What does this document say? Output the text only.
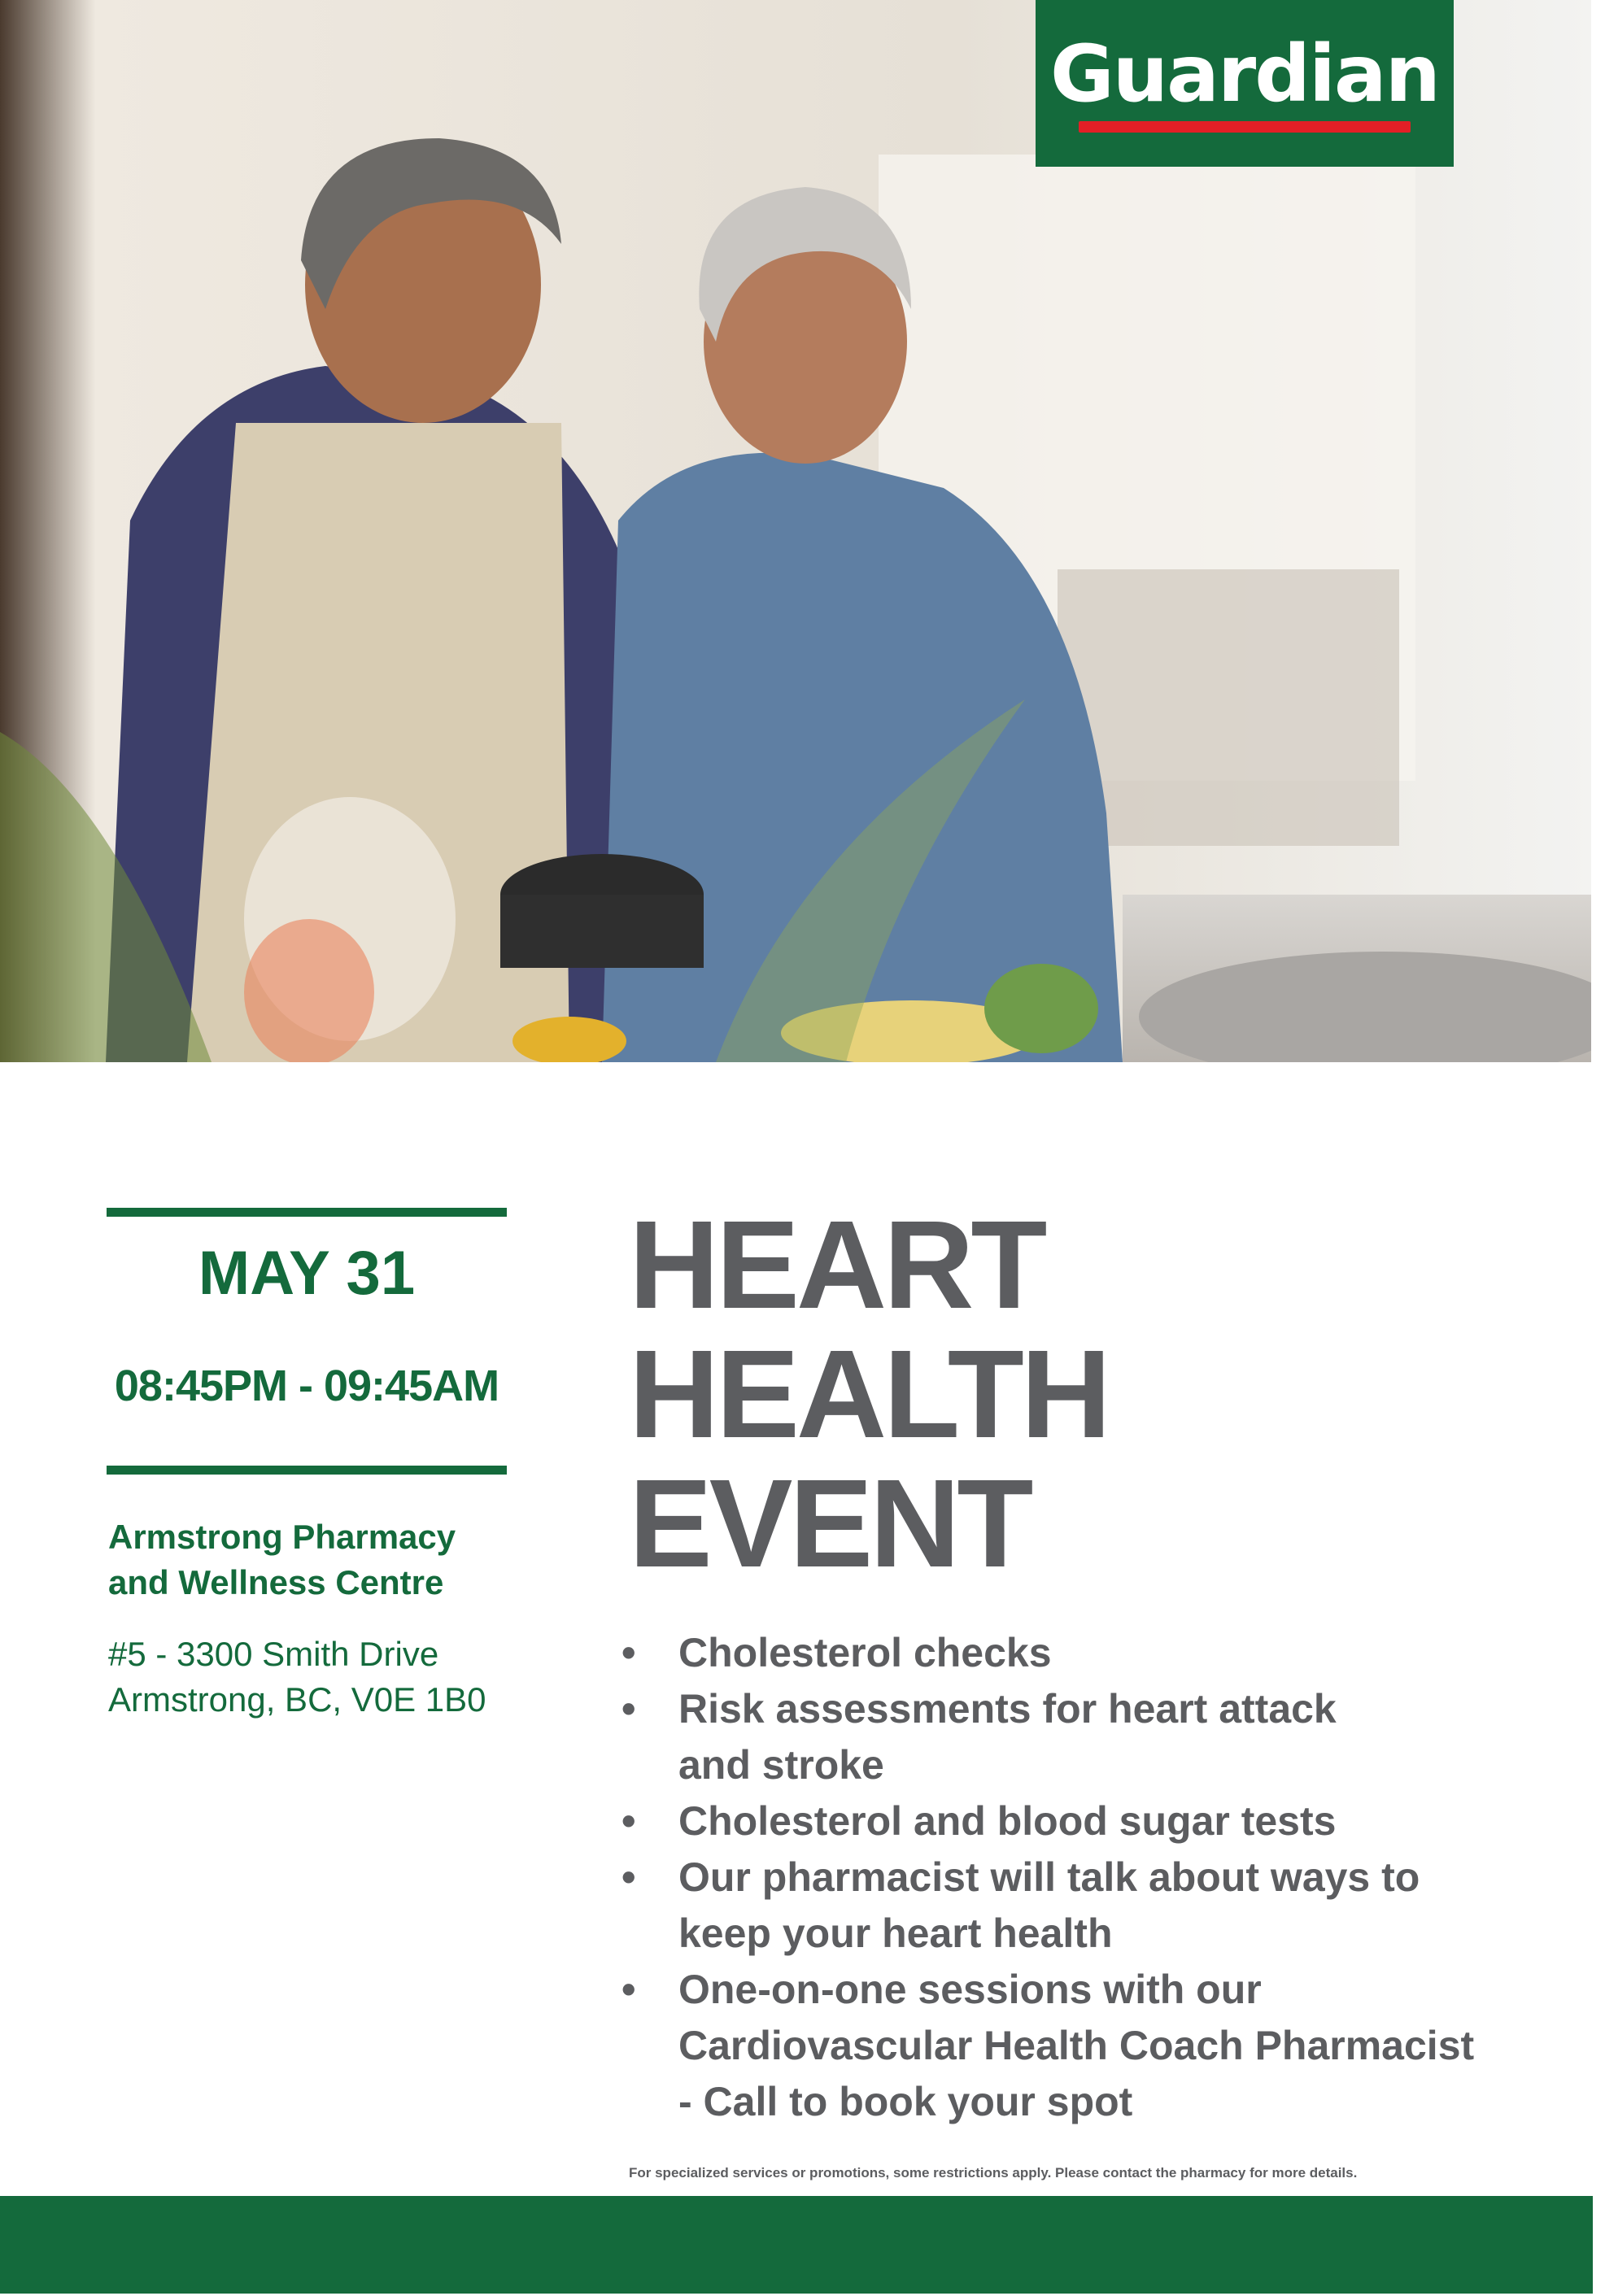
Guardian
MAY 31
08:45PM - 09:45AM
Armstrong Pharmacy
and Wellness Centre
#5 - 3300 Smith Drive
Armstrong, BC, V0E 1B0
HEART
HEALTH
EVENT
• Cholesterol checks
• Risk assessments for heart attack
and stroke
• Cholesterol and blood sugar tests
• Our pharmacist will talk about ways to
keep your heart health
• One-on-one sessions with our
Cardiovascular Health Coach Pharmacist
- Call to book your spot
For specialized services or promotions, some restrictions apply. Please contact the pharmacy for more details.
